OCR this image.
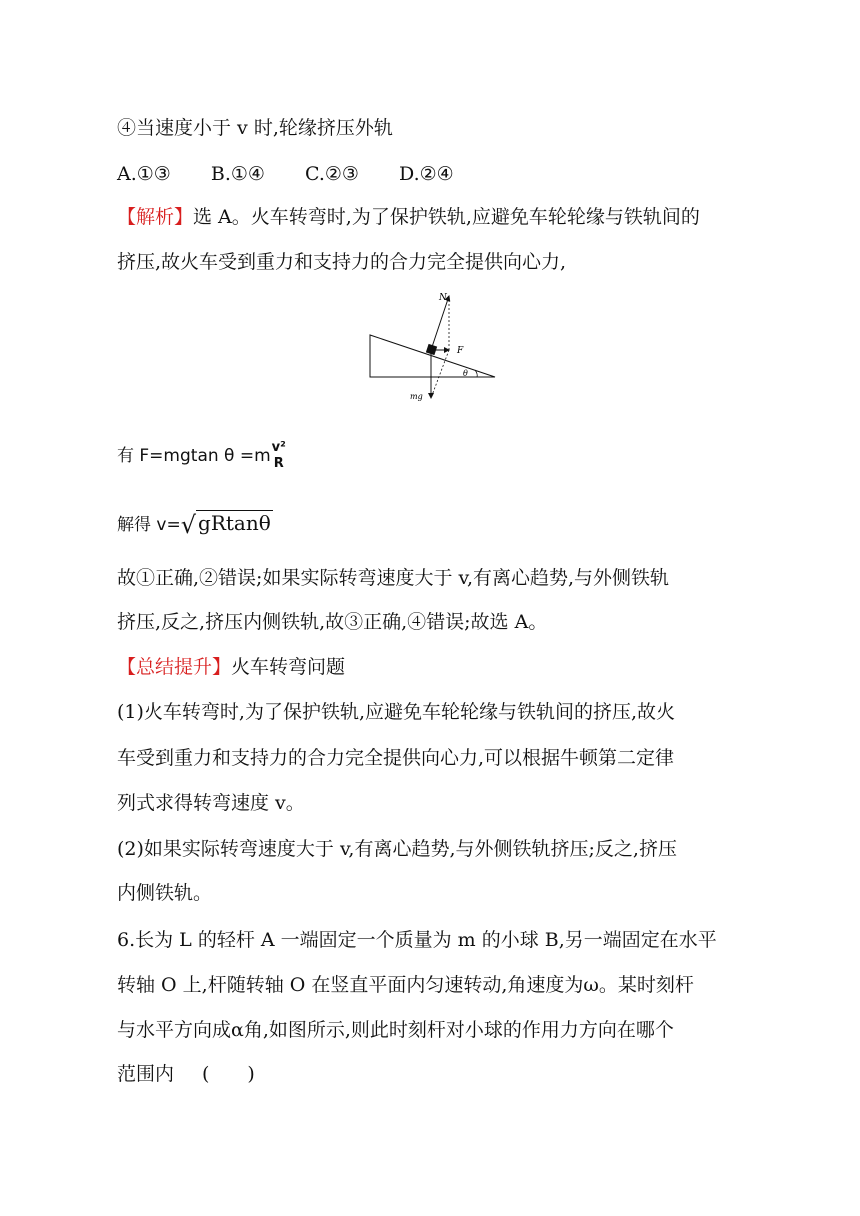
④当速度小于 v 时,轮缘挤压外轨
A.①③ B.①④ C.②③ D.②④
【解析】选 A。火车转弯时,为了保护铁轨,应避免车轮轮缘与铁轨间的
挤压,故火车受到重力和支持力的合力完全提供向心力,
N
F
mg
θ
有 F=mgtan θ =m v²
R
解得 v=√ gRtanθ
故①正确,②错误;如果实际转弯速度大于 v,有离心趋势,与外侧铁轨
挤压,反之,挤压内侧铁轨,故③正确,④错误;故选 A。
【总结提升】火车转弯问题
(1)火车转弯时,为了保护铁轨,应避免车轮轮缘与铁轨间的挤压,故火
车受到重力和支持力的合力完全提供向心力,可以根据牛顿第二定律
列式求得转弯速度 v。
(2)如果实际转弯速度大于 v,有离心趋势,与外侧铁轨挤压;反之,挤压
内侧铁轨。
6.长为 L 的轻杆 A 一端固定一个质量为 m 的小球 B,另一端固定在水平
转轴 O 上,杆随转轴 O 在竖直平面内匀速转动,角速度为ω。某时刻杆
与水平方向成α角,如图所示,则此时刻杆对小球的作用力方向在哪个
范围内 (　　)
